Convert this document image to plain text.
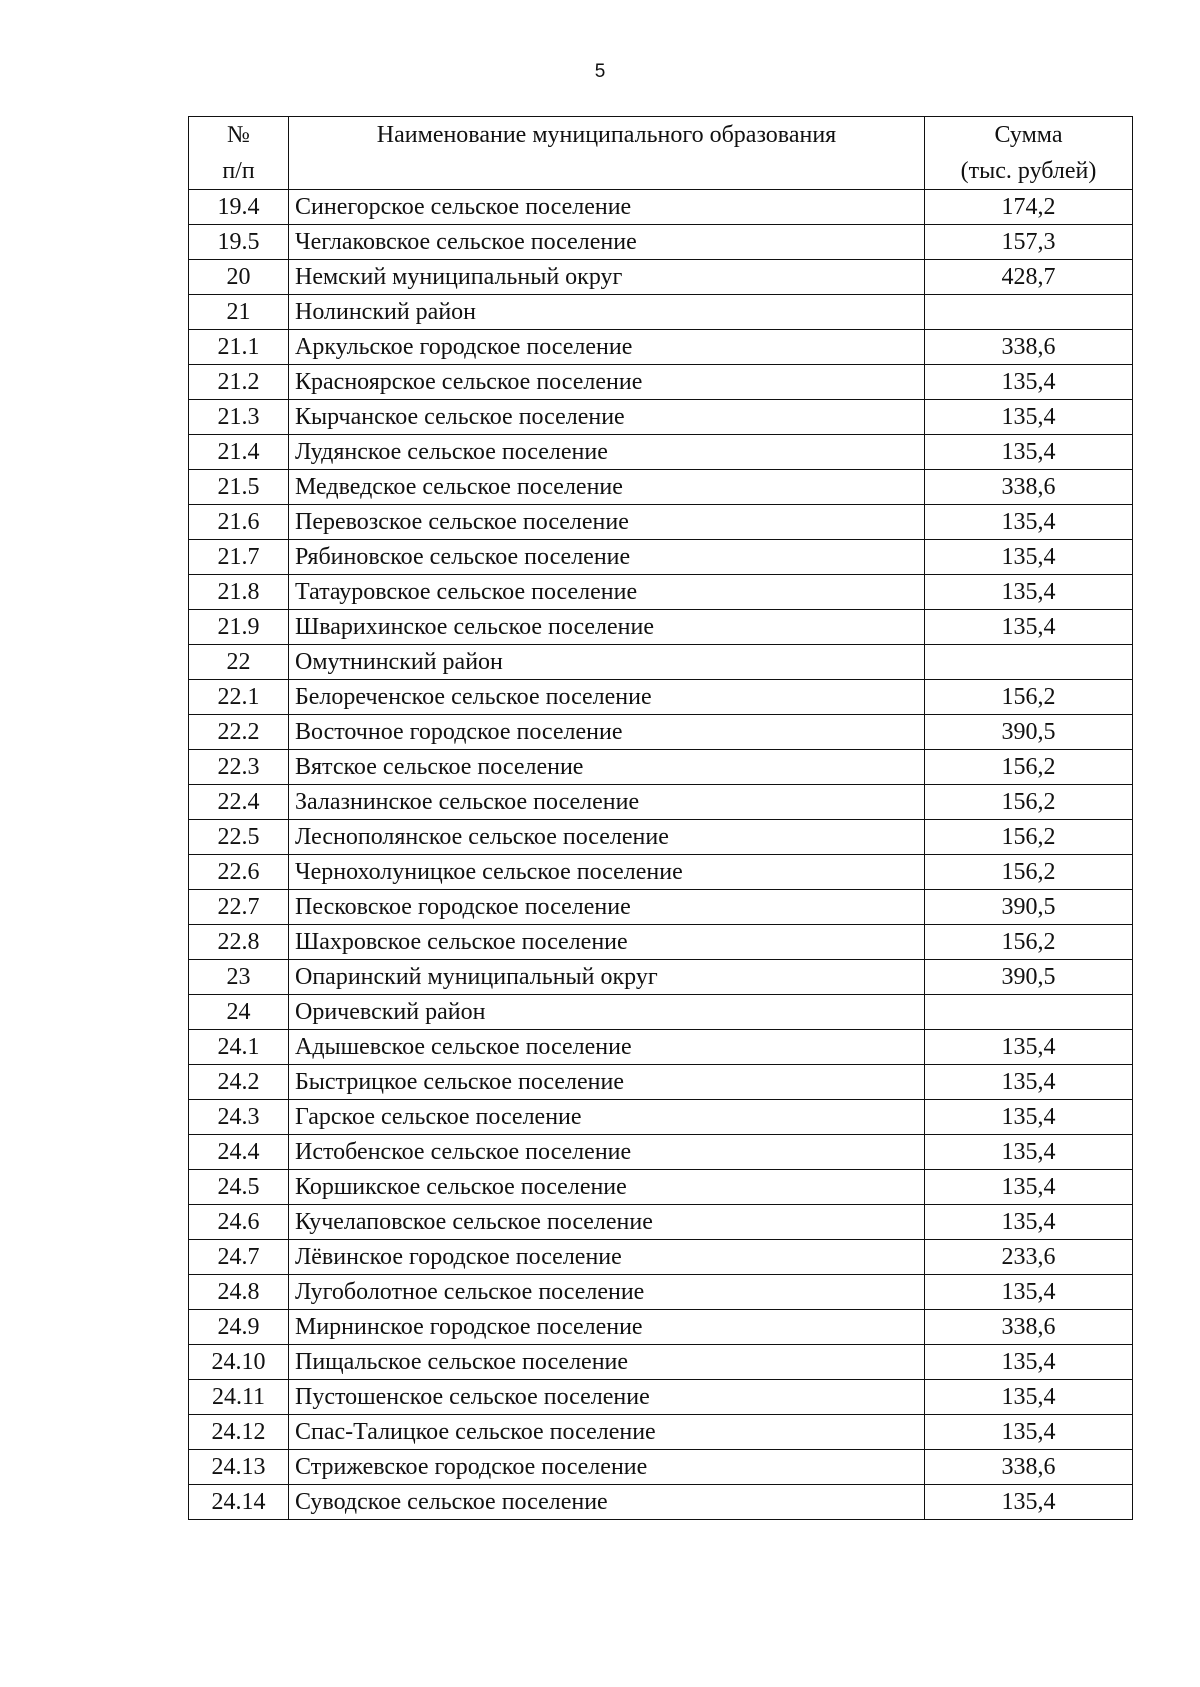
5
№
п/п	Наименование муниципального образования	Сумма
(тыс. рублей)

19.4	Синегорское сельское поселение	174,2
19.5	Чеглаковское сельское поселение	157,3
20	Немский муниципальный округ	428,7
21	Нолинский район	
21.1	Аркульское городское поселение	338,6
21.2	Красноярское сельское поселение	135,4
21.3	Кырчанское сельское поселение	135,4
21.4	Лудянское сельское поселение	135,4
21.5	Медведское сельское поселение	338,6
21.6	Перевозское сельское поселение	135,4
21.7	Рябиновское сельское поселение	135,4
21.8	Татауровское сельское поселение	135,4
21.9	Шварихинское сельское поселение	135,4
22	Омутнинский район	
22.1	Белореченское сельское поселение	156,2
22.2	Восточное городское поселение	390,5
22.3	Вятское сельское поселение	156,2
22.4	Залазнинское сельское поселение	156,2
22.5	Леснополянское сельское поселение	156,2
22.6	Чернохолуницкое сельское поселение	156,2
22.7	Песковское городское поселение	390,5
22.8	Шахровское сельское поселение	156,2
23	Опаринский муниципальный округ	390,5
24	Оричевский район	
24.1	Адышевское сельское поселение	135,4
24.2	Быстрицкое сельское поселение	135,4
24.3	Гарское сельское поселение	135,4
24.4	Истобенское сельское поселение	135,4
24.5	Коршикское сельское поселение	135,4
24.6	Кучелаповское сельское поселение	135,4
24.7	Лёвинское городское поселение	233,6
24.8	Лугоболотное сельское поселение	135,4
24.9	Мирнинское городское поселение	338,6
24.10	Пищальское сельское поселение	135,4
24.11	Пустошенское сельское поселение	135,4
24.12	Спас-Талицкое сельское поселение	135,4
24.13	Стрижевское городское поселение	338,6
24.14	Суводское сельское поселение	135,4
